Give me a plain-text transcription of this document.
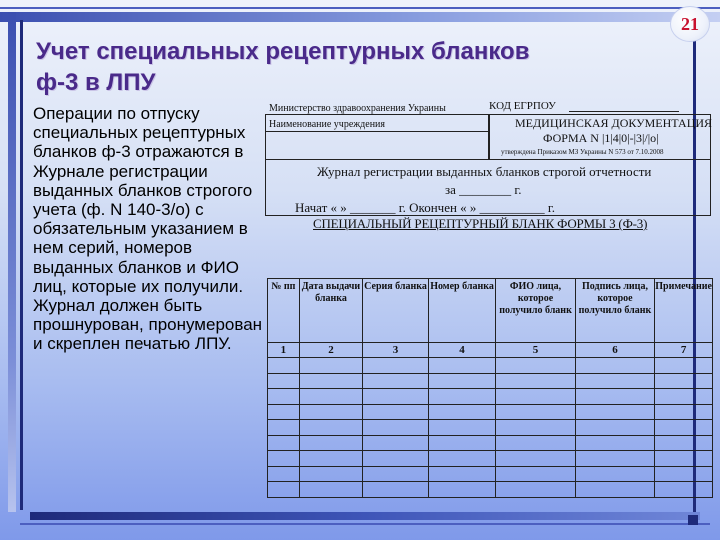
21
Учет специальных рецептурных бланков
ф-3 в ЛПУ
Операции по отпуску специальных рецептурных бланков ф-3 отражаются в Журнале регистрации выданных бланков строгого учета (ф. N 140-3/о) с обязательным указанием в нем серий, номеров выданных бланков и ФИО лиц, которые их получили. Журнал должен быть прошнурован, пронумерован и скреплен печатью ЛПУ.
КОД ЕГРПОУ
Министерство здравоохранения Украины
Наименование учреждения	МЕДИЦИНСКАЯ ДОКУМЕНТАЦИЯ
ФОРМА N |1|4|0|-|3|/|о|
утверждена Приказом МЗ Украины N 573 от 7.10.2008
Журнал регистрации выданных бланков строгой отчетности
за ________ г.
Начат « » _______ г. Окончен « » __________ г.
СПЕЦИАЛЬНЫЙ РЕЦЕПТУРНЫЙ БЛАНК ФОРМЫ 3 (Ф-3)
№ пп	Дата выдачи бланка	Серия бланка	Номер бланка	ФИО лица, которое получило бланк	Подпись лица, которое получило бланк	Примечание
1	2	3	4	5	6	7
